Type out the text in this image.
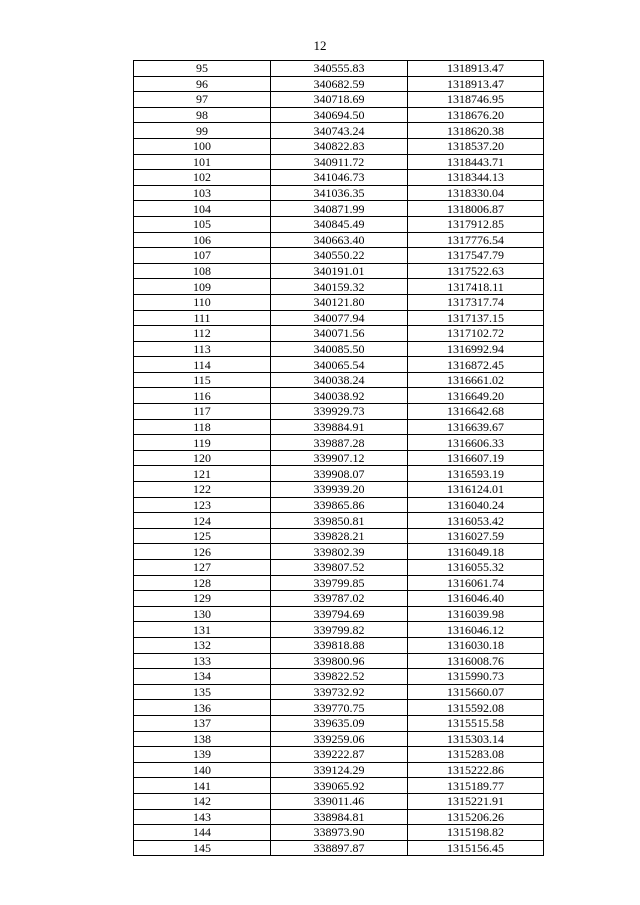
12
95	340555.83	1318913.47
96	340682.59	1318913.47
97	340718.69	1318746.95
98	340694.50	1318676.20
99	340743.24	1318620.38
100	340822.83	1318537.20
101	340911.72	1318443.71
102	341046.73	1318344.13
103	341036.35	1318330.04
104	340871.99	1318006.87
105	340845.49	1317912.85
106	340663.40	1317776.54
107	340550.22	1317547.79
108	340191.01	1317522.63
109	340159.32	1317418.11
110	340121.80	1317317.74
111	340077.94	1317137.15
112	340071.56	1317102.72
113	340085.50	1316992.94
114	340065.54	1316872.45
115	340038.24	1316661.02
116	340038.92	1316649.20
117	339929.73	1316642.68
118	339884.91	1316639.67
119	339887.28	1316606.33
120	339907.12	1316607.19
121	339908.07	1316593.19
122	339939.20	1316124.01
123	339865.86	1316040.24
124	339850.81	1316053.42
125	339828.21	1316027.59
126	339802.39	1316049.18
127	339807.52	1316055.32
128	339799.85	1316061.74
129	339787.02	1316046.40
130	339794.69	1316039.98
131	339799.82	1316046.12
132	339818.88	1316030.18
133	339800.96	1316008.76
134	339822.52	1315990.73
135	339732.92	1315660.07
136	339770.75	1315592.08
137	339635.09	1315515.58
138	339259.06	1315303.14
139	339222.87	1315283.08
140	339124.29	1315222.86
141	339065.92	1315189.77
142	339011.46	1315221.91
143	338984.81	1315206.26
144	338973.90	1315198.82
145	338897.87	1315156.45
